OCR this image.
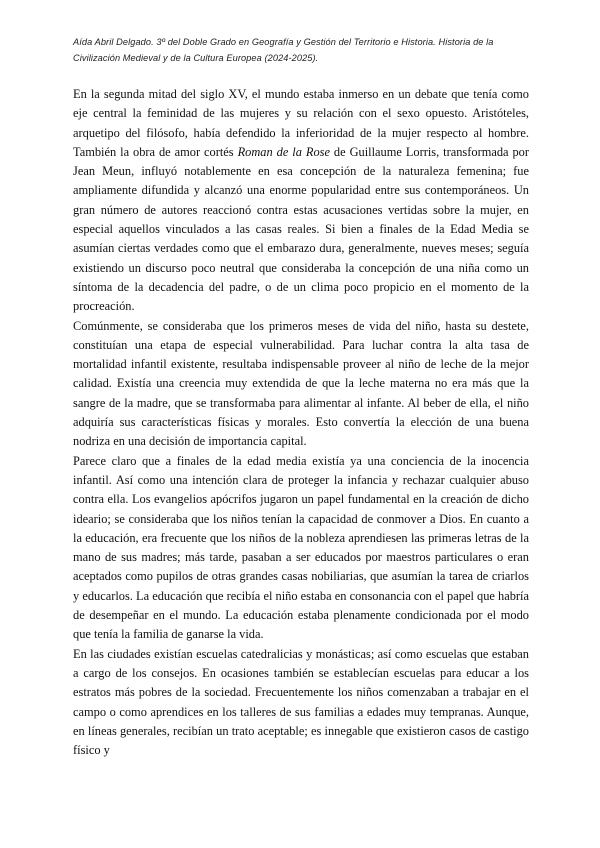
Aída Abril Delgado. 3º del Doble Grado en Geografía y Gestión del Territorio e Historia. Historia de la Civilización Medieval y de la Cultura Europea (2024-2025).

En la segunda mitad del siglo XV, el mundo estaba inmerso en un debate que tenía como eje central la feminidad de las mujeres y su relación con el sexo opuesto. Aristóteles, arquetipo del filósofo, había defendido la inferioridad de la mujer respecto al hombre. También la obra de amor cortés Roman de la Rose de Guillaume Lorris, transformada por Jean Meun, influyó notablemente en esa concepción de la naturaleza femenina; fue ampliamente difundida y alcanzó una enorme popularidad entre sus contemporáneos. Un gran número de autores reaccionó contra estas acusaciones vertidas sobre la mujer, en especial aquellos vinculados a las casas reales. Si bien a finales de la Edad Media se asumían ciertas verdades como que el embarazo dura, generalmente, nueves meses; seguía existiendo un discurso poco neutral que consideraba la concepción de una niña como un síntoma de la decadencia del padre, o de un clima poco propicio en el momento de la procreación.

Comúnmente, se consideraba que los primeros meses de vida del niño, hasta su destete, constituían una etapa de especial vulnerabilidad. Para luchar contra la alta tasa de mortalidad infantil existente, resultaba indispensable proveer al niño de leche de la mejor calidad. Existía una creencia muy extendida de que la leche materna no era más que la sangre de la madre, que se transformaba para alimentar al infante. Al beber de ella, el niño adquiría sus características físicas y morales. Esto convertía la elección de una buena nodriza en una decisión de importancia capital.

Parece claro que a finales de la edad media existía ya una conciencia de la inocencia infantil. Así como una intención clara de proteger la infancia y rechazar cualquier abuso contra ella. Los evangelios apócrifos jugaron un papel fundamental en la creación de dicho ideario; se consideraba que los niños tenían la capacidad de conmover a Dios. En cuanto a la educación, era frecuente que los niños de la nobleza aprendiesen las primeras letras de la mano de sus madres; más tarde, pasaban a ser educados por maestros particulares o eran aceptados como pupilos de otras grandes casas nobiliarias, que asumían la tarea de criarlos y educarlos. La educación que recibía el niño estaba en consonancia con el papel que habría de desempeñar en el mundo. La educación estaba plenamente condicionada por el modo que tenía la familia de ganarse la vida.

En las ciudades existían escuelas catedralicias y monásticas; así como escuelas que estaban a cargo de los consejos. En ocasiones también se establecían escuelas para educar a los estratos más pobres de la sociedad. Frecuentemente los niños comenzaban a trabajar en el campo o como aprendices en los talleres de sus familias a edades muy tempranas. Aunque, en líneas generales, recibían un trato aceptable; es innegable que existieron casos de castigo físico y
